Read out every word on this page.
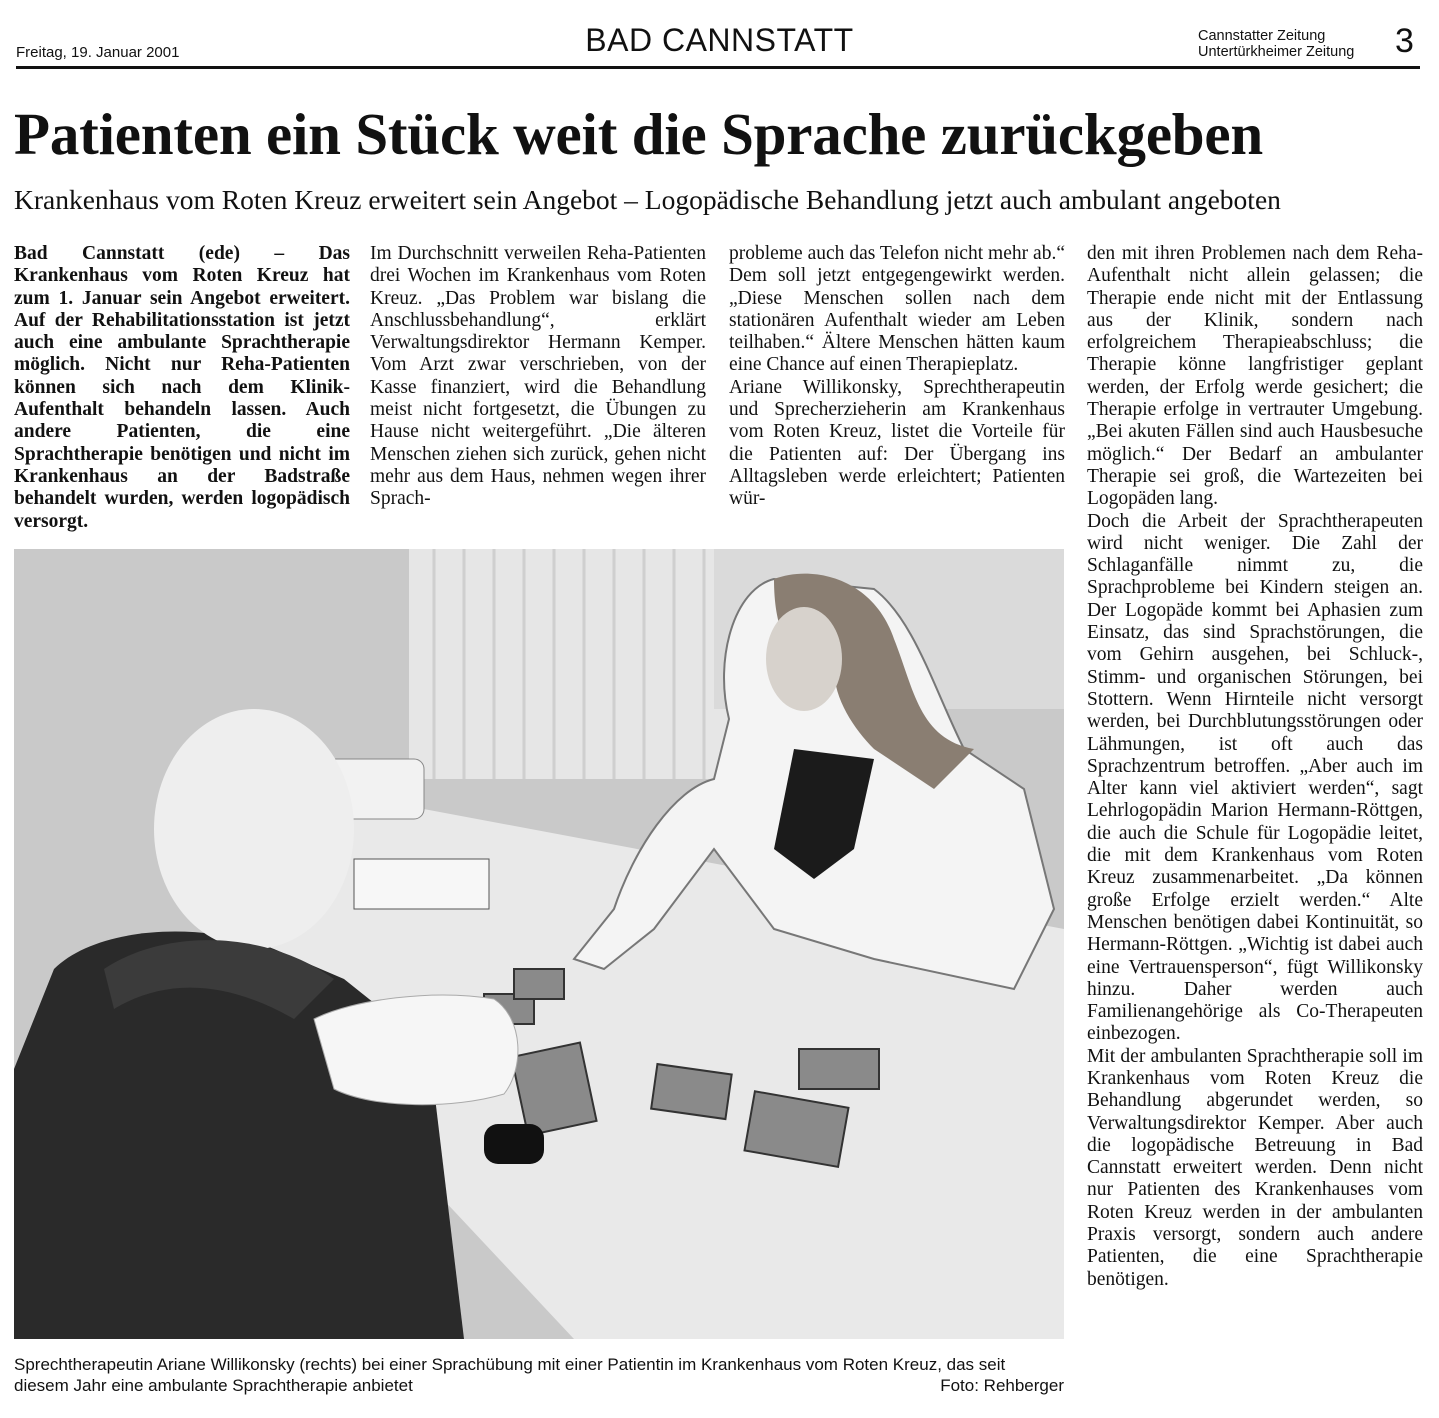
Freitag, 19. Januar 2001	BAD CANNSTATT	Cannstatter Zeitung
Untertürkheimer Zeitung 3
Patienten ein Stück weit die Sprache zurückgeben
Krankenhaus vom Roten Kreuz erweitert sein Angebot – Logopädische Behandlung jetzt auch ambulant angeboten

Bad Cannstatt (ede) – Das Krankenhaus vom Roten Kreuz hat zum 1. Januar sein Angebot erweitert. Auf der Rehabilitationsstation ist jetzt auch eine ambulante Sprachtherapie möglich. Nicht nur Reha-Patienten können sich nach dem Klinik-Aufenthalt behandeln lassen. Auch andere Patienten, die eine Sprachtherapie benötigen und nicht im Krankenhaus an der Badstraße behandelt wurden, werden logopädisch versorgt.

Im Durchschnitt verweilen Reha-Patienten drei Wochen im Krankenhaus vom Roten Kreuz. „Das Problem war bislang die Anschlussbehandlung“, erklärt Verwaltungsdirektor Hermann Kemper. Vom Arzt zwar verschrieben, von der Kasse finanziert, wird die Behandlung meist nicht fortgesetzt, die Übungen zu Hause nicht weitergeführt. „Die älteren Menschen ziehen sich zurück, gehen nicht mehr aus dem Haus, nehmen wegen ihrer Sprach-

probleme auch das Telefon nicht mehr ab.“ Dem soll jetzt entgegengewirkt werden. „Diese Menschen sollen nach dem stationären Aufenthalt wieder am Leben teilhaben.“ Ältere Menschen hätten kaum eine Chance auf einen Therapieplatz.

Ariane Willikonsky, Sprechtherapeutin und Sprecherzieherin am Krankenhaus vom Roten Kreuz, listet die Vorteile für die Patienten auf: Der Übergang ins Alltagsleben werde erleichtert; Patienten wür-

den mit ihren Problemen nach dem Reha-Aufenthalt nicht allein gelassen; die Therapie ende nicht mit der Entlassung aus der Klinik, sondern nach erfolgreichem Therapieabschluss; die Therapie könne langfristiger geplant werden, der Erfolg werde gesichert; die Therapie erfolge in vertrauter Umgebung. „Bei akuten Fällen sind auch Hausbesuche möglich.“ Der Bedarf an ambulanter Therapie sei groß, die Wartezeiten bei Logopäden lang.

Doch die Arbeit der Sprachtherapeuten wird nicht weniger. Die Zahl der Schlaganfälle nimmt zu, die Sprachprobleme bei Kindern steigen an. Der Logopäde kommt bei Aphasien zum Einsatz, das sind Sprachstörungen, die vom Gehirn ausgehen, bei Schluck-, Stimm- und organischen Störungen, bei Stottern. Wenn Hirnteile nicht versorgt werden, bei Durchblutungsstörungen oder Lähmungen, ist oft auch das Sprachzentrum betroffen. „Aber auch im Alter kann viel aktiviert werden“, sagt Lehrlogopädin Marion Hermann-Röttgen, die auch die Schule für Logopädie leitet, die mit dem Krankenhaus vom Roten Kreuz zusammenarbeitet. „Da können große Erfolge erzielt werden.“ Alte Menschen benötigen dabei Kontinuität, so Hermann-Röttgen. „Wichtig ist dabei auch eine Vertrauensperson“, fügt Willikonsky hinzu. Daher werden auch Familienangehörige als Co-Therapeuten einbezogen.

Mit der ambulanten Sprachtherapie soll im Krankenhaus vom Roten Kreuz die Behandlung abgerundet werden, so Verwaltungsdirektor Kemper. Aber auch die logopädische Betreuung in Bad Cannstatt erweitert werden. Denn nicht nur Patienten des Krankenhauses vom Roten Kreuz werden in der ambulanten Praxis versorgt, sondern auch andere Patienten, die eine Sprachtherapie benötigen.

Sprechtherapeutin Ariane Willikonsky (rechts) bei einer Sprachübung mit einer Patientin im Krankenhaus vom Roten Kreuz, das seit diesem Jahr eine ambulante Sprachtherapie anbietet	Foto: Rehberger
